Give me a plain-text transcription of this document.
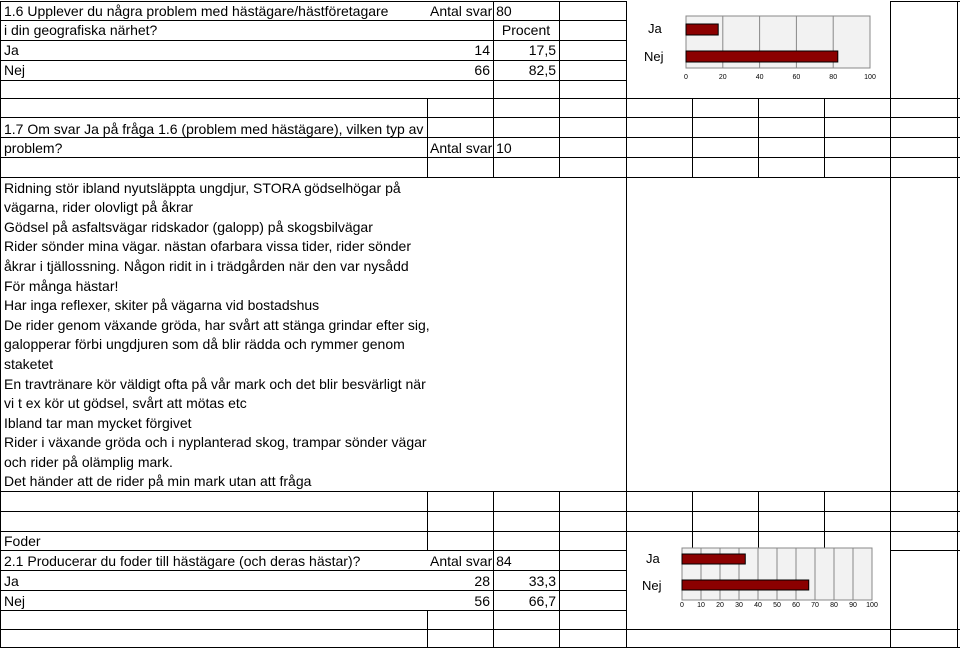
1.6 Upplever du några problem med hästägare/hästföretagare	Antal svar 80
i din geografiska närhet?	Procent
Ja	14	17,5
Nej	66	82,5	0	20	40	60	80	100
Ja
Nej
1.7 Om svar Ja på fråga 1.6 (problem med hästägare), vilken typ av
problem?	Antal svar 10
Ridning stör ibland nyutsläppta ungdjur, STORA gödselhögar på
vägarna, rider olovligt på åkrar
Gödsel på asfaltsvägar ridskador (galopp) på skogsbilvägar
Rider sönder mina vägar. nästan ofarbara vissa tider, rider sönder
åkrar i tjällossning. Någon ridit in i trädgården när den var nysådd
För många hästar!
Har inga reflexer, skiter på vägarna vid bostadshus
De rider genom växande gröda, har svårt att stänga grindar efter sig,
galopperar förbi ungdjuren som då blir rädda och rymmer genom
staketet
En travtränare kör väldigt ofta på vår mark och det blir besvärligt när
vi t ex kör ut gödsel, svårt att mötas etc
Ibland tar man mycket förgivet
Rider i växande gröda och i nyplanterad skog, trampar sönder vägar
och rider på olämplig mark.
Det händer att de rider på min mark utan att fråga
Foder
2.1 Producerar du foder till hästägare (och deras hästar)?	Antal svar 84
Ja	28	33,3
Nej	56	66,7	0 10 20 30 40 50 60 70 80 90 100
Ja
Nej
